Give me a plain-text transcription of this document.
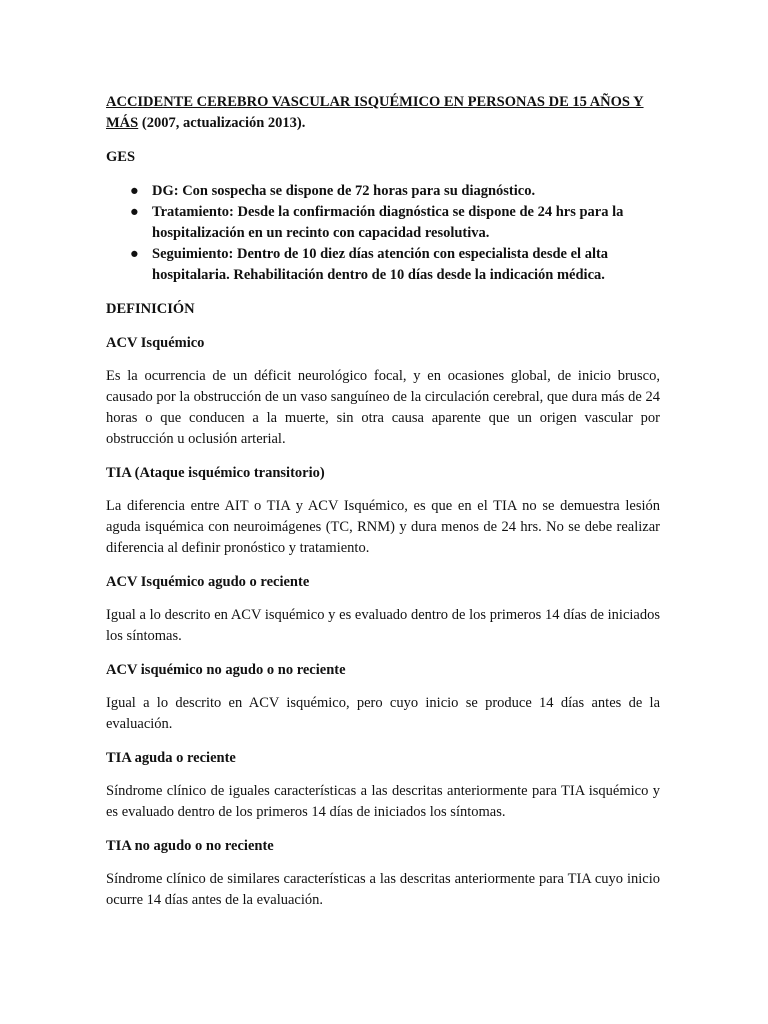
ACCIDENTE CEREBRO VASCULAR ISQUÉMICO EN PERSONAS DE 15 AÑOS Y MÁS (2007, actualización 2013).

GES

● DG: Con sospecha se dispone de 72 horas para su diagnóstico.
● Tratamiento: Desde la confirmación diagnóstica se dispone de 24 hrs para la hospitalización en un recinto con capacidad resolutiva.
● Seguimiento: Dentro de 10 diez días atención con especialista desde el alta hospitalaria. Rehabilitación dentro de 10 días desde la indicación médica.

DEFINICIÓN

ACV Isquémico

Es la ocurrencia de un déficit neurológico focal, y en ocasiones global, de inicio brusco, causado por la obstrucción de un vaso sanguíneo de la circulación cerebral, que dura más de 24 horas o que conducen a la muerte, sin otra causa aparente que un origen vascular por obstrucción u oclusión arterial.

TIA (Ataque isquémico transitorio)

La diferencia entre AIT o TIA y ACV Isquémico, es que en el TIA no se demuestra lesión aguda isquémica con neuroimágenes (TC, RNM) y dura menos de 24 hrs. No se debe realizar diferencia al definir pronóstico y tratamiento.

ACV Isquémico agudo o reciente

Igual a lo descrito en ACV isquémico y es evaluado dentro de los primeros 14 días de iniciados los síntomas.

ACV isquémico no agudo o no reciente

Igual a lo descrito en ACV isquémico, pero cuyo inicio se produce 14 días antes de la evaluación.

TIA aguda o reciente

Síndrome clínico de iguales características a las descritas anteriormente para TIA isquémico y es evaluado dentro de los primeros 14 días de iniciados los síntomas.

TIA no agudo o no reciente

Síndrome clínico de similares características a las descritas anteriormente para TIA cuyo inicio ocurre 14 días antes de la evaluación.
